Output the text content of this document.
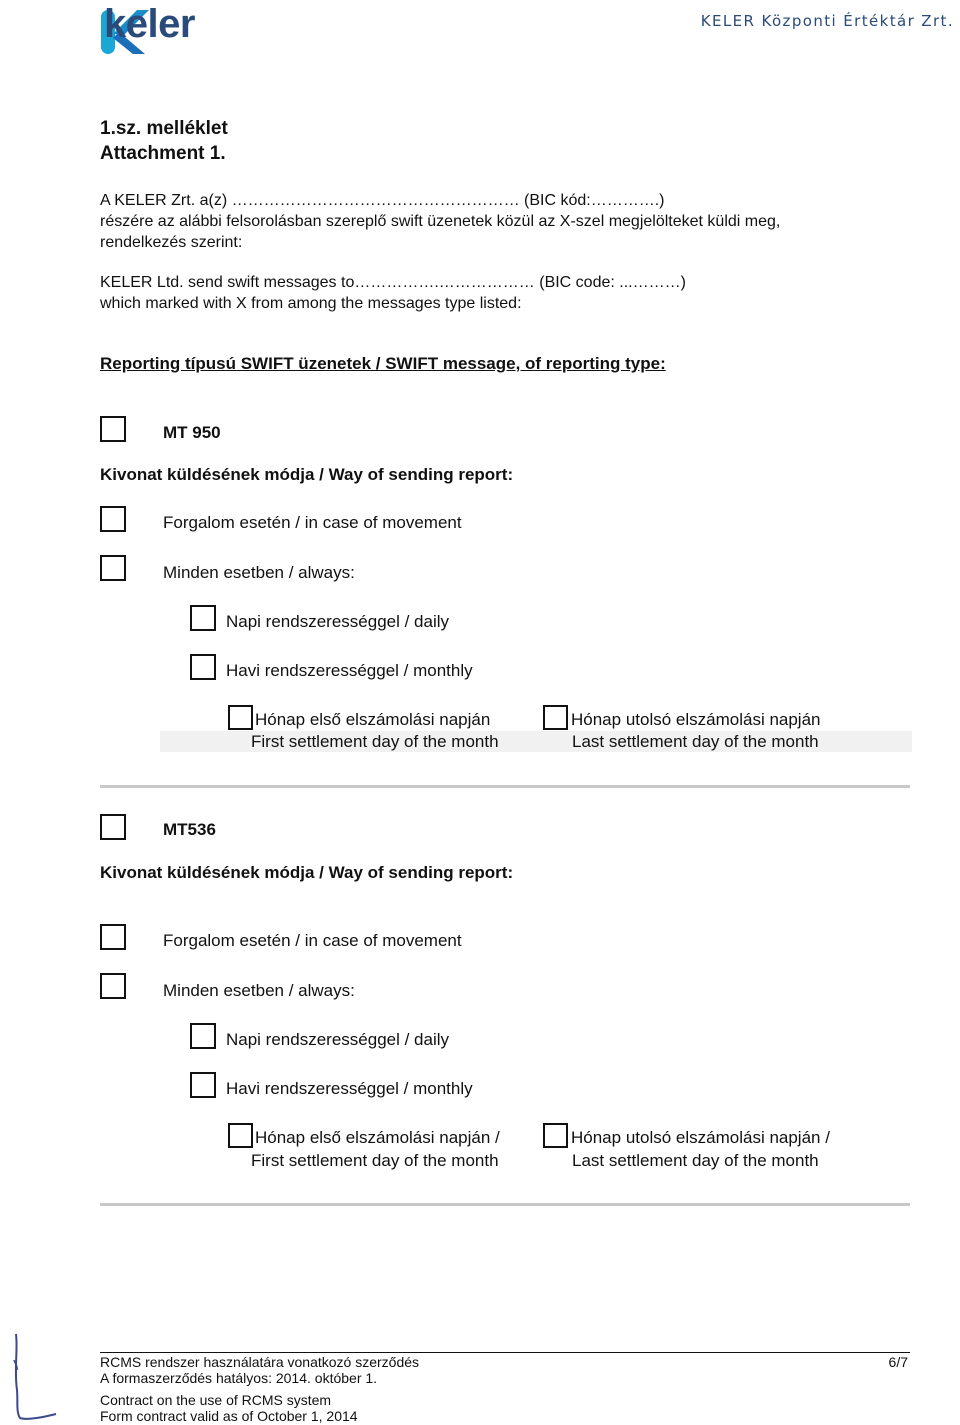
keler	KELER Központi Értéktár Zrt.
1.sz. melléklet
Attachment 1.
A KELER Zrt. a(z) ……………………………………………… (BIC kód:………….)
részére az alábbi felsorolásban szereplő swift üzenetek közül az X-szel megjelölteket küldi meg,
rendelkezés szerint:
KELER Ltd. send swift messages to…………….……………… (BIC code: ...………)
which marked with X from among the messages type listed:
Reporting típusú SWIFT üzenetek / SWIFT message, of reporting type:
MT 950
Kivonat küldésének módja / Way of sending report:
Forgalom esetén / in case of movement
Minden esetben / always:
Napi rendszerességgel / daily
Havi rendszerességgel / monthly
Hónap első elszámolási napján
First settlement day of the month
Hónap utolsó elszámolási napján
Last settlement day of the month
MT536
Kivonat küldésének módja / Way of sending report:
Forgalom esetén / in case of movement
Minden esetben / always:
Napi rendszerességgel / daily
Havi rendszerességgel / monthly
Hónap első elszámolási napján /
First settlement day of the month
Hónap utolsó elszámolási napján /
Last settlement day of the month
RCMS rendszer használatára vonatkozó szerződés	6/7
A formaszerződés hatályos: 2014. október 1.
Contract on the use of RCMS system
Form contract valid as of October 1, 2014
